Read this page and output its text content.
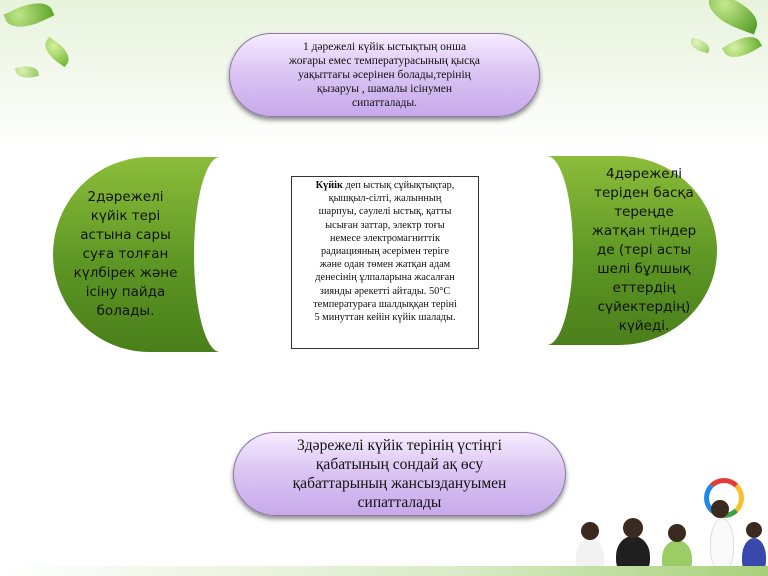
1 дәрежелі күйік ыстықтың онша
жоғары емес температурасының қысқа
уақыттағы әсерінен болады,терінің
қызаруы , шамалы ісінумен
сипатталады.
2дәрежелі
күйік тері
астына сары
суға толған
күлбірек және
ісіну пайда
болады.
Күйік деп ыстық сұйықтықтар,
қышқыл-сілті, жалынның
шарпуы, сәулелі ыстық, қатты
ысыған заттар, электр тоғы
немесе электромагниттік
радиацияның әсерімен теріге
және одан төмен жатқан адам
денесінің ұлпаларына жасалған
зиянды әрекетті айтады. 50°С
температураға шалдыққан теріні
5 минуттан кейін күйік шалады.
4дәрежелі
теріден басқа
тереңде
жатқан тіндер
де (тері асты
шелі бұлшық
еттердің
сүйектердің)
күйеді.
3дәрежелі күйік терінің үстіңгі
қабатының сондай ақ өсу
қабаттарының жансыздануымен
сипатталады
